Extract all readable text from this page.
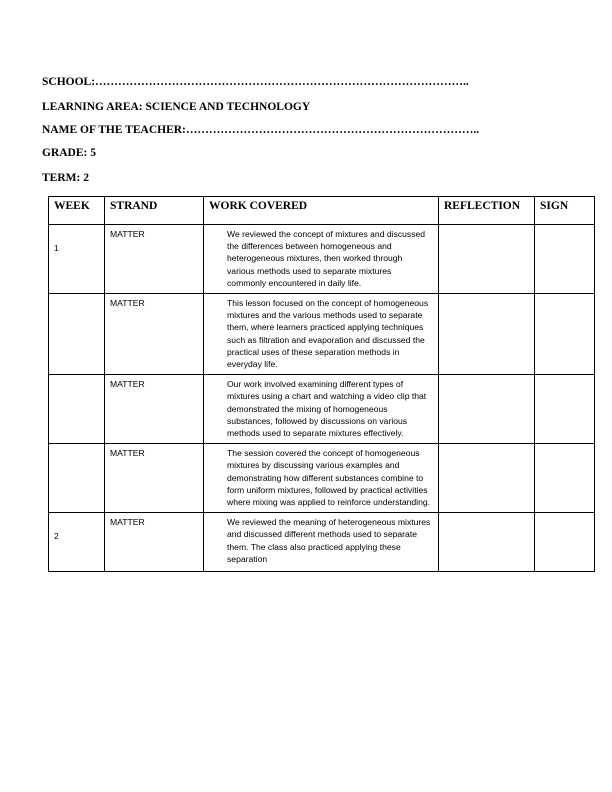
SCHOOL:……………………………………………………………………………………..
LEARNING AREA: SCIENCE AND TECHNOLOGY
NAME OF THE TEACHER:…………………………………………………………………..
GRADE: 5
TERM: 2
WEEK	STRAND	WORK COVERED	REFLECTION	SIGN

1	MATTER	We reviewed the concept of mixtures and discussed the differences between homogeneous and heterogeneous mixtures, then worked through various methods used to separate mixtures commonly encountered in daily life.		

	MATTER	This lesson focused on the concept of homogeneous mixtures and the various methods used to separate them, where learners practiced applying techniques such as filtration and evaporation and discussed the practical uses of these separation methods in everyday life.		

	MATTER	Our work involved examining different types of mixtures using a chart and watching a video clip that demonstrated the mixing of homogeneous substances, followed by discussions on various methods used to separate mixtures effectively.		

	MATTER	The session covered the concept of homogeneous mixtures by discussing various examples and demonstrating how different substances combine to form uniform mixtures, followed by practical activities where mixing was applied to reinforce understanding.		

2	MATTER	We reviewed the meaning of heterogeneous mixtures and discussed different methods used to separate them. The class also practiced applying these separation		
